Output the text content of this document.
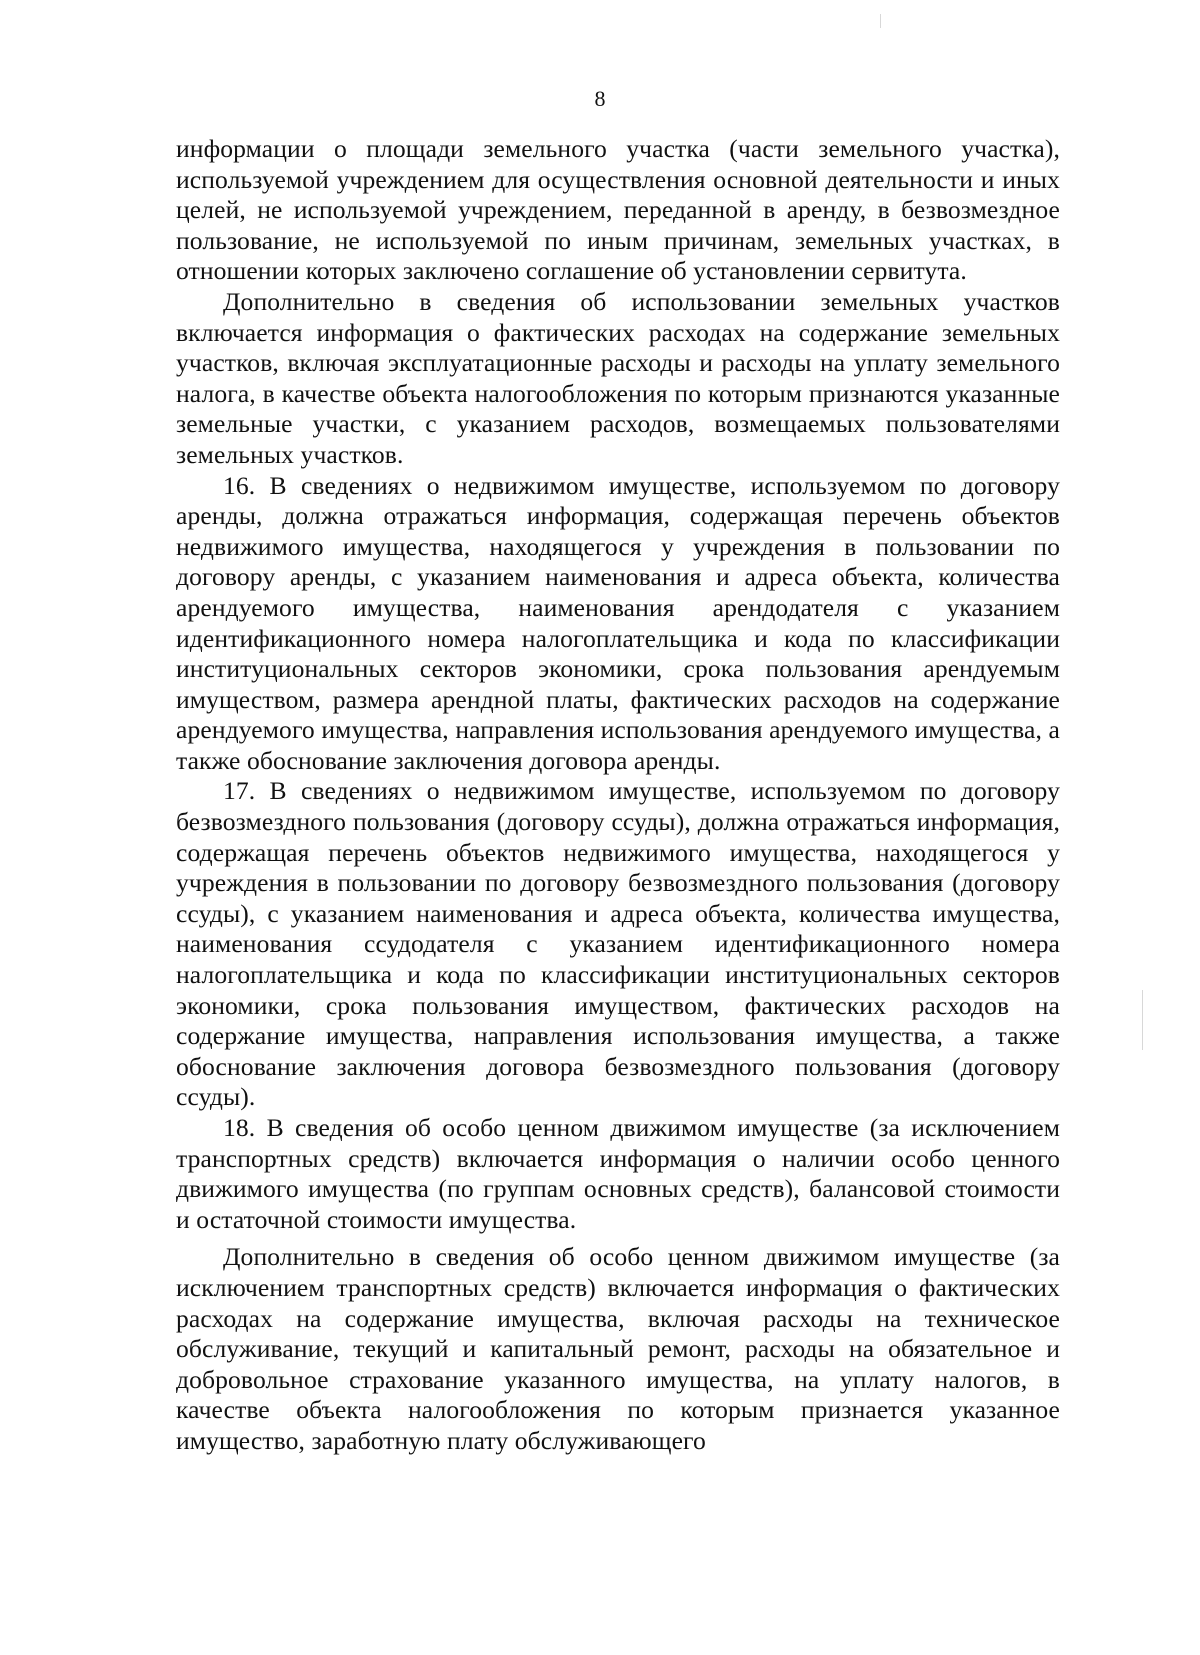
8

информации о площади земельного участка (части земельного участка), используемой учреждением для осуществления основной деятельности и иных целей, не используемой учреждением, переданной в аренду, в безвозмездное пользование, не используемой по иным причинам, земельных участках, в отношении которых заключено соглашение об установлении сервитута.

Дополнительно в сведения об использовании земельных участков включается информация о фактических расходах на содержание земельных участков, включая эксплуатационные расходы и расходы на уплату земельного налога, в качестве объекта налогообложения по которым признаются указанные земельные участки, с указанием расходов, возмещаемых пользователями земельных участков.

16. В сведениях о недвижимом имуществе, используемом по договору аренды, должна отражаться информация, содержащая перечень объектов недвижимого имущества, находящегося у учреждения в пользовании по договору аренды, с указанием наименования и адреса объекта, количества арендуемого имущества, наименования арендодателя с указанием идентификационного номера налогоплательщика и кода по классификации институциональных секторов экономики, срока пользования арендуемым имуществом, размера арендной платы, фактических расходов на содержание арендуемого имущества, направления использования арендуемого имущества, а также обоснование заключения договора аренды.

17. В сведениях о недвижимом имуществе, используемом по договору безвозмездного пользования (договору ссуды), должна отражаться информация, содержащая перечень объектов недвижимого имущества, находящегося у учреждения в пользовании по договору безвозмездного пользования (договору ссуды), с указанием наименования и адреса объекта, количества имущества, наименования ссудодателя с указанием идентификационного номера налогоплательщика и кода по классификации институциональных секторов экономики, срока пользования имуществом, фактических расходов на содержание имущества, направления использования имущества, а также обоснование заключения договора безвозмездного пользования (договору ссуды).

18. В сведения об особо ценном движимом имуществе (за исключением транспортных средств) включается информация о наличии особо ценного движимого имущества (по группам основных средств), балансовой стоимости и остаточной стоимости имущества.

Дополнительно в сведения об особо ценном движимом имуществе (за исключением транспортных средств) включается информация о фактических расходах на содержание имущества, включая расходы на техническое обслуживание, текущий и капитальный ремонт, расходы на обязательное и добровольное страхование указанного имущества, на уплату налогов, в качестве объекта налогообложения по которым признается указанное имущество, заработную плату обслуживающего
